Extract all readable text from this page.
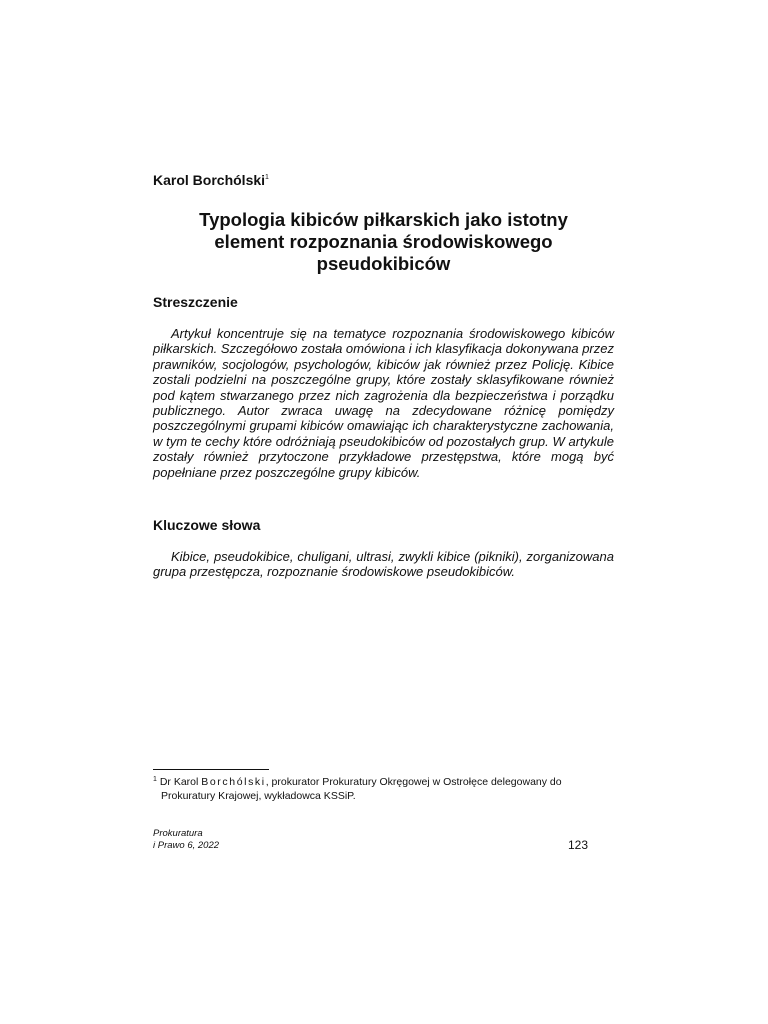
Karol Borchólski$^1$
Typologia kibiców piłkarskich jako istotny
element rozpoznania środowiskowego
pseudokibiców
Streszczenie
Artykuł koncentruje się na tematyce rozpoznania środowiskowego kibiców piłkarskich. Szczegółowo została omówiona i ich klasyfikacja dokonywana przez prawników, socjologów, psychologów, kibiców jak również przez Policję. Kibice zostali podzielni na poszczególne grupy, które zostały sklasyfikowane również pod kątem stwarzanego przez nich zagrożenia dla bezpieczeństwa i porządku publicznego. Autor zwraca uwagę na zdecydowane różnicę pomiędzy poszczególnymi grupami kibiców omawiając ich charakterystyczne zachowania, w tym te cechy które odróżniają pseudokibiców od pozostałych grup. W artykule zostały również przytoczone przykładowe przestępstwa, które mogą być popełniane przez poszczególne grupy kibiców.
Kluczowe słowa
Kibice, pseudokibice, chuligani, ultrasi, zwykli kibice (pikniki), zorganizowana grupa przestępcza, rozpoznanie środowiskowe pseudokibiców.
$^1$ Dr Karol Borchólski, prokurator Prokuratury Okręgowej w Ostrołęce delegowany do
Prokuratury Krajowej, wykładowca KSSiP.
Prokuratura
i Prawo 6, 2022	123
